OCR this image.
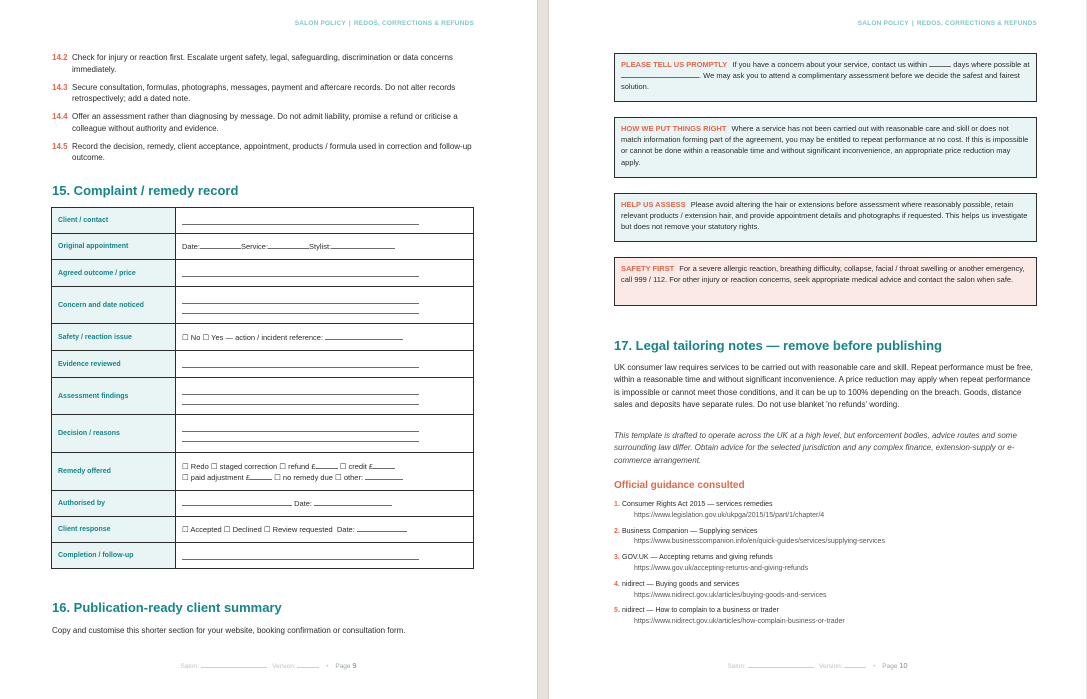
SALON POLICY | REDOS, CORRECTIONS & REFUNDS
14.2 Check for injury or reaction first. Escalate urgent safety, legal, safeguarding, discrimination or data concerns immediately.
14.3 Secure consultation, formulas, photographs, messages, payment and aftercare records. Do not alter records retrospectively; add a dated note.
14.4 Offer an assessment rather than diagnosing by message. Do not admit liability, promise a refund or criticise a colleague without authority and evidence.
14.5 Record the decision, remedy, client acceptance, appointment, products / formula used in correction and follow-up outcome.
15. Complaint / remedy record
Client / contact	

Original appointment	Date: Service: Stylist:

Agreed outcome / price	

Concern and date noticed	

Safety / reaction issue	☐ No ☐ Yes — action / incident reference:

Evidence reviewed	

Assessment findings	

Decision / reasons	

Remedy offered	☐ Redo ☐ staged correction ☐ refund £ ☐ credit £
☐ paid adjustment £ ☐ no remedy due ☐ other:

Authorised by	Date:

Client response	☐ Accepted ☐ Declined ☐ Review requested Date:

Completion / follow-up	
16. Publication-ready client summary
Copy and customise this shorter section for your website, booking confirmation or consultation form.
Salon:	Version:	• Page 9
SALON POLICY | REDOS, CORRECTIONS & REFUNDS
PLEASE TELL US PROMPTLY If you have a concern about your service, contact us within	days where possible at . We may ask you to attend a complimentary assessment before we decide the safest and fairest solution.
HOW WE PUT THINGS RIGHT Where a service has not been carried out with reasonable care and skill or does not match information forming part of the agreement, you may be entitled to repeat performance at no cost. If this is impossible or cannot be done within a reasonable time and without significant inconvenience, an appropriate price reduction may apply.
HELP US ASSESS Please avoid altering the hair or extensions before assessment where reasonably possible, retain relevant products / extension hair, and provide appointment details and photographs if requested. This helps us investigate but does not remove your statutory rights.
SAFETY FIRST For a severe allergic reaction, breathing difficulty, collapse, facial / throat swelling or another emergency, call 999 / 112. For other injury or reaction concerns, seek appropriate medical advice and contact the salon when safe.
17. Legal tailoring notes — remove before publishing
UK consumer law requires services to be carried out with reasonable care and skill. Repeat performance must be free, within a reasonable time and without significant inconvenience. A price reduction may apply when repeat performance is impossible or cannot meet those conditions, and it can be up to 100% depending on the breach. Goods, distance sales and deposits have separate rules. Do not use blanket 'no refunds' wording.
This template is drafted to operate across the UK at a high level, but enforcement bodies, advice routes and some surrounding law differ. Obtain advice for the selected jurisdiction and any complex finance, extension-supply or e-commerce arrangement.
Official guidance consulted
1. Consumer Rights Act 2015 — services remedies
https://www.legislation.gov.uk/ukpga/2015/15/part/1/chapter/4
2. Business Companion — Supplying services
https://www.businesscompanion.info/en/quick-guides/services/supplying-services
3. GOV.UK — Accepting returns and giving refunds
https://www.gov.uk/accepting-returns-and-giving-refunds
4. nidirect — Buying goods and services
https://www.nidirect.gov.uk/articles/buying-goods-and-services
5. nidirect — How to complain to a business or trader
https://www.nidirect.gov.uk/articles/how-complain-business-or-trader
Salon:	Version:	• Page 10
